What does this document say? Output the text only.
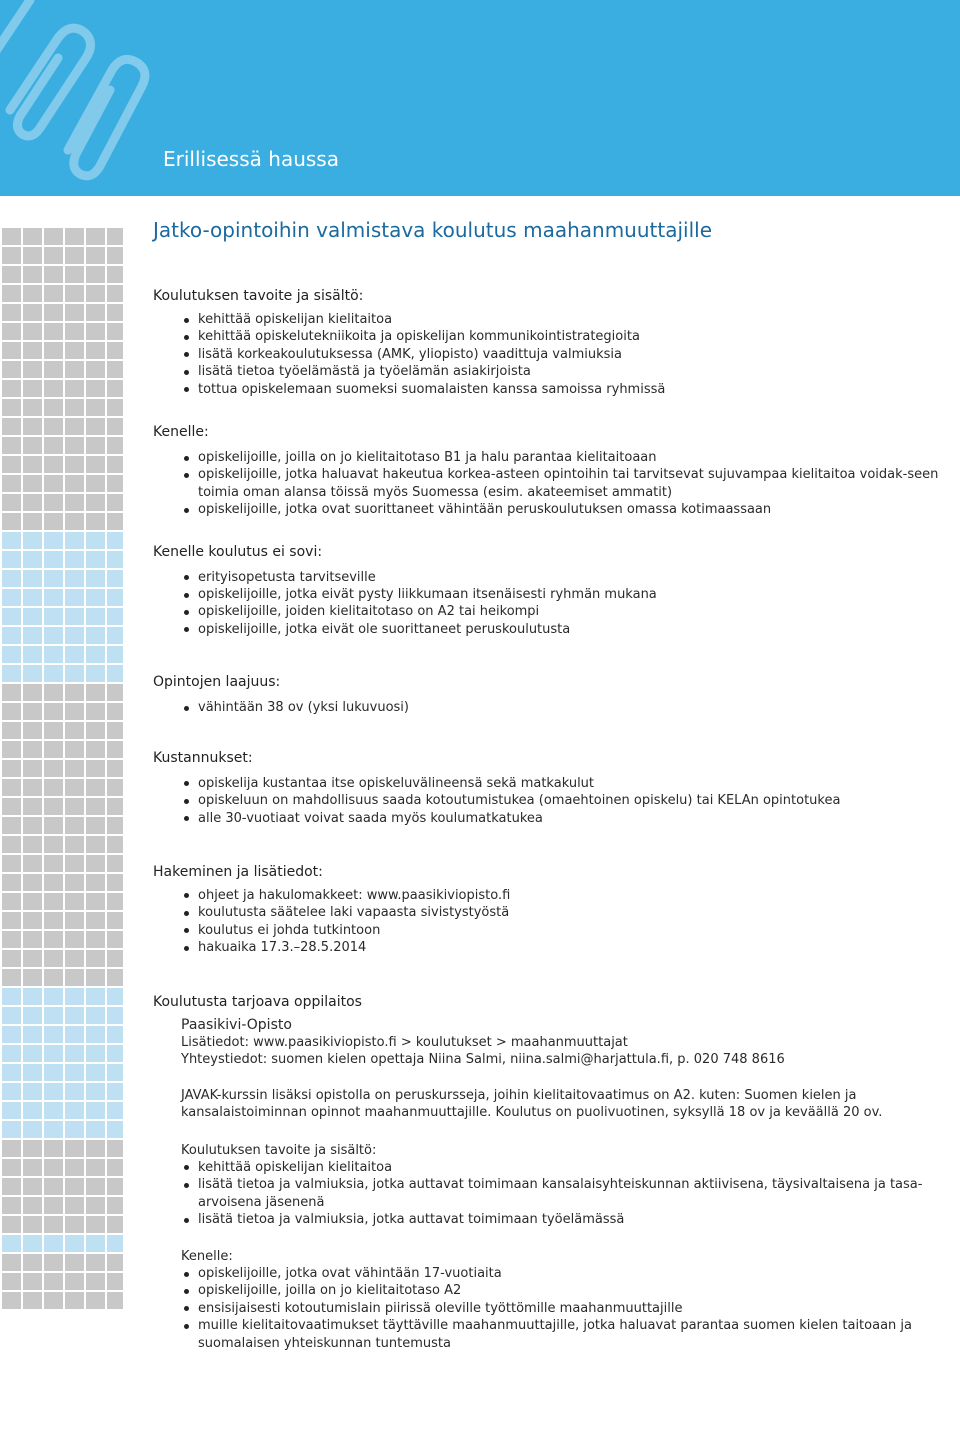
Erillisessä haussa
20
Jatko-opintoihin valmistava koulutus maahanmuuttajille

Koulutuksen tavoite ja sisältö:

kehittää opiskelijan kielitaitoa
kehittää opiskelutekniikoita ja opiskelijan kommunikointistrategioita
lisätä korkeakoulutuksessa (AMK, yliopisto) vaadittuja valmiuksia
lisätä tietoa työelämästä ja työelämän asiakirjoista
tottua opiskelemaan suomeksi suomalaisten kanssa samoissa ryhmissä

Kenelle:

opiskelijoille, joilla on jo kielitaitotaso B1 ja halu parantaa kielitaitoaan
opiskelijoille, jotka haluavat hakeutua korkea-asteen opintoihin tai tarvitsevat sujuvampaa kielitaitoa voidak-seen toimia oman alansa töissä myös Suomessa (esim. akateemiset ammatit)
opiskelijoille, jotka ovat suorittaneet vähintään peruskoulutuksen omassa kotimaassaan

Kenelle koulutus ei sovi:

erityisopetusta tarvitseville
opiskelijoille, jotka eivät pysty liikkumaan itsenäisesti ryhmän mukana
opiskelijoille, joiden kielitaitotaso on A2 tai heikompi
opiskelijoille, jotka eivät ole suorittaneet peruskoulutusta

Opintojen laajuus:

vähintään 38 ov (yksi lukuvuosi)

Kustannukset:

opiskelija kustantaa itse opiskeluvälineensä sekä matkakulut
opiskeluun on mahdollisuus saada kotoutumistukea (omaehtoinen opiskelu) tai KELAn opintotukea
alle 30-vuotiaat voivat saada myös koulumatkatukea

Hakeminen ja lisätiedot:

ohjeet ja hakulomakkeet: www.paasikiviopisto.fi
koulutusta säätelee laki vapaasta sivistystyöstä
koulutus ei johda tutkintoon
hakuaika 17.3.–28.5.2014

Koulutusta tarjoava oppilaitos

Paasikivi-Opisto

Lisätiedot: www.paasikiviopisto.fi > koulutukset > maahanmuuttajat

Yhteystiedot: suomen kielen opettaja Niina Salmi, niina.salmi@harjattula.fi, p. 020 748 8616

JAVAK-kurssin lisäksi opistolla on peruskursseja, joihin kielitaitovaatimus on A2. kuten: Suomen kielen ja kansalaistoiminnan opinnot maahanmuuttajille. Koulutus on puolivuotinen, syksyllä 18 ov ja keväällä 20 ov.

Koulutuksen tavoite ja sisältö:

kehittää opiskelijan kielitaitoa
lisätä tietoa ja valmiuksia, jotka auttavat toimimaan kansalaisyhteiskunnan aktiivisena, täysivaltaisena ja tasa-arvoisena jäsenenä
lisätä tietoa ja valmiuksia, jotka auttavat toimimaan työelämässä

Kenelle:

opiskelijoille, jotka ovat vähintään 17-vuotiaita
opiskelijoille, joilla on jo kielitaitotaso A2
ensisijaisesti kotoutumislain piirissä oleville työttömille maahanmuuttajille
muille kielitaitovaatimukset täyttäville maahanmuuttajille, jotka haluavat parantaa suomen kielen taitoaan ja suomalaisen yhteiskunnan tuntemusta
